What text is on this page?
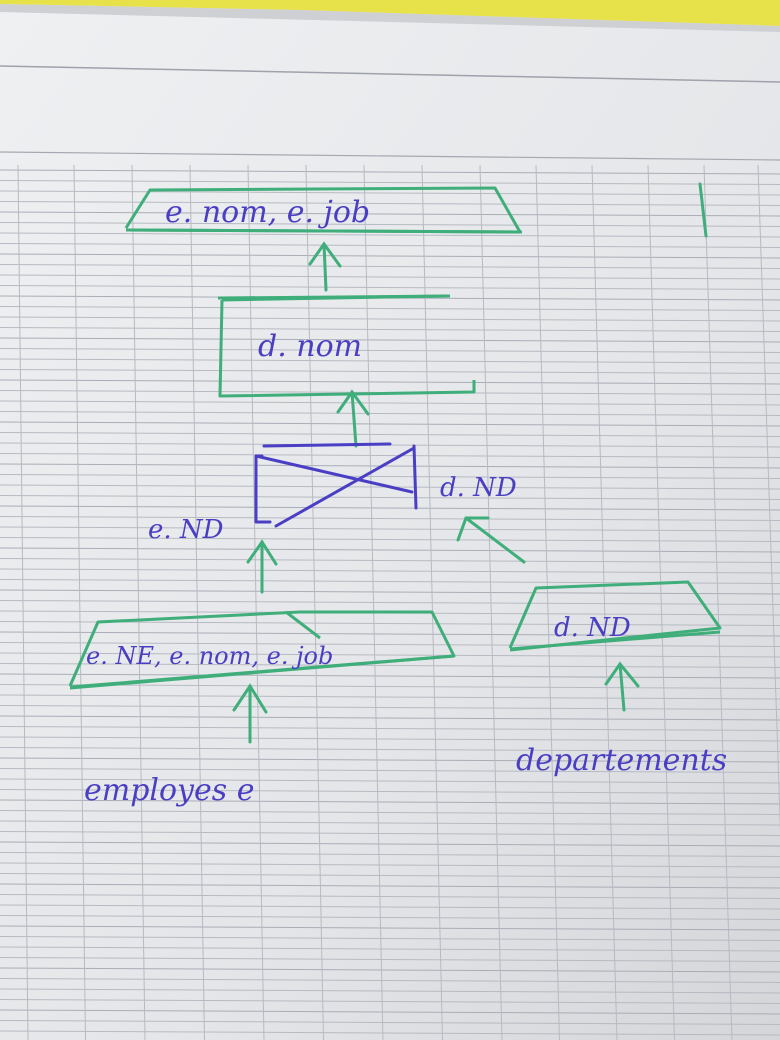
e. nom, e. job
d. nom
e. ND
d. ND
e. NE, e. nom, e. job
d. ND
employes e
departements
